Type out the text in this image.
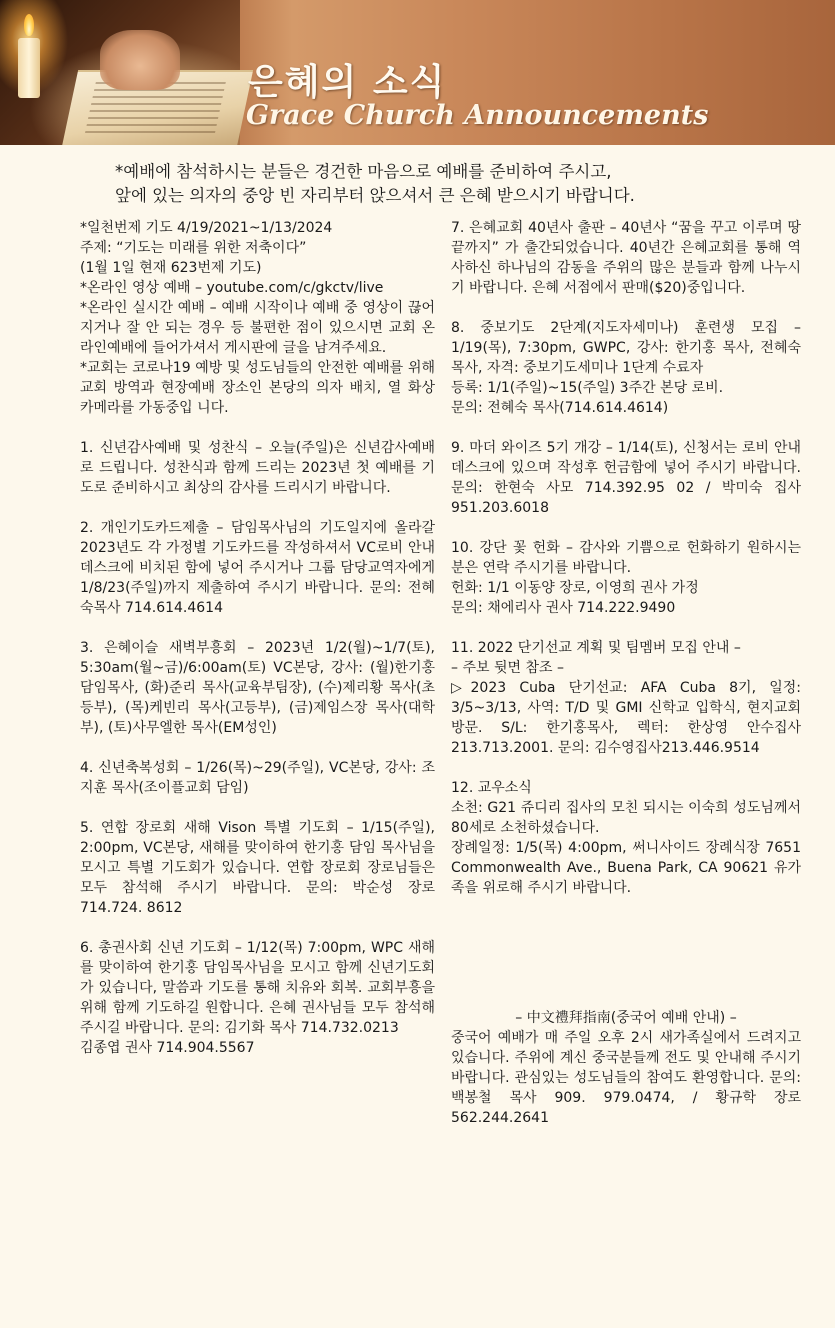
은혜의 소식
Grace Church Announcements
*예배에 참석하시는 분들은 경건한 마음으로 예배를 준비하여 주시고,
앞에 있는 의자의 중앙 빈 자리부터 앉으셔서 큰 은혜 받으시기 바랍니다.
*일천번제 기도 4/19/2021~1/13/2024
주제: “기도는 미래를 위한 저축이다”
(1월 1일 현재 623번제 기도)
*온라인 영상 예배 – youtube.com/c/gkctv/live
*온라인 실시간 예배 – 예배 시작이나 예배 중 영상이 끊어지거나 잘 안 되는 경우 등 불편한 점이 있으시면 교회 온라인예배에 들어가셔서 게시판에 글을 남겨주세요.
*교회는 코로나19 예방 및 성도님들의 안전한 예배를 위해 교회 방역과 현장예배 장소인 본당의 의자 배치, 열 화상 카메라를 가동중입 니다.
1. 신년감사예배 및 성찬식 – 오늘(주일)은 신년감사예배로 드립니다. 성찬식과 함께 드리는 2023년 첫 예배를 기도로 준비하시고 최상의 감사를 드리시기 바랍니다.
2. 개인기도카드제출 – 담임목사님의 기도일지에 올라갈 2023년도 각 가정별 기도카드를 작성하셔서 VC로비 안내데스크에 비치된 함에 넣어 주시거나 그룹 담당교역자에게 1/8/23(주일)까지 제출하여 주시기 바랍니다. 문의: 전혜숙목사 714.614.4614
3. 은혜이슬 새벽부흥회 – 2023년 1/2(월)~1/7(토), 5:30am(월~금)/6:00am(토) VC본당, 강사: (월)한기홍 담임목사, (화)준리 목사(교육부팀장), (수)제리황 목사(초등부), (목)케빈리 목사(고등부), (금)제임스장 목사(대학부), (토)사무엘한 목사(EM성인)
4. 신년축복성회 – 1/26(목)~29(주일), VC본당, 강사: 조지훈 목사(조이플교회 담임)
5. 연합 장로회 새해 Vison 특별 기도회 – 1/15(주일), 2:00pm, VC본당, 새해를 맞이하여 한기홍 담임 목사님을 모시고 특별 기도회가 있습니다. 연합 장로회 장로님들은 모두 참석해 주시기 바랍니다. 문의: 박순성 장로 714.724. 8612
6. 총권사회 신년 기도회 – 1/12(목) 7:00pm, WPC 새해를 맞이하여 한기홍 담임목사님을 모시고 함께 신년기도회가 있습니다, 말씀과 기도를 통해 치유와 회복. 교회부흥을 위해 함께 기도하길 원합니다. 은혜 권사님들 모두 참석해 주시길 바랍니다. 문의: 김기화 목사 714.732.0213
김종엽 권사 714.904.5567
7. 은혜교회 40년사 출판 – 40년사 “꿈을 꾸고 이루며 땅끝까지” 가 출간되었습니다. 40년간 은혜교회를 통해 역사하신 하나님의 감동을 주위의 많은 분들과 함께 나누시기 바랍니다. 은혜 서점에서 판매($20)중입니다.
8. 중보기도 2단계(지도자세미나) 훈련생 모집 – 1/19(목), 7:30pm, GWPC, 강사: 한기홍 목사, 전혜숙 목사, 자격: 중보기도세미나 1단계 수료자
등록: 1/1(주일)~15(주일) 3주간 본당 로비.
문의: 전혜숙 목사(714.614.4614)
9. 마더 와이즈 5기 개강 – 1/14(토), 신청서는 로비 안내데스크에 있으며 작성후 헌금함에 넣어 주시기 바랍니다. 문의: 한현숙 사모 714.392.95 02 / 박미숙 집사 951.203.6018
10. 강단 꽃 헌화 – 감사와 기쁨으로 헌화하기 원하시는 분은 연락 주시기를 바랍니다.
헌화: 1/1 이동양 장로, 이영희 권사 가정
문의: 채에리사 권사 714.222.9490
11. 2022 단기선교 계획 및 팀멤버 모집 안내 –
– 주보 뒷면 참조 –
▷2023 Cuba 단기선교: AFA Cuba 8기, 일정: 3/5~3/13, 사역: T/D 및 GMI 신학교 입학식, 현지교회 방문. S/L: 한기홍목사, 렉터: 한상영 안수집사 213.713.2001. 문의: 김수영집사213.446.9514
12. 교우소식
소천: G21 쥬디리 집사의 모친 되시는 이숙희 성도님께서 80세로 소천하셨습니다.
장례일정: 1/5(목) 4:00pm, 써니사이드 장례식장 7651 Commonwealth Ave., Buena Park, CA 90621 유가족을 위로해 주시기 바랍니다.
– 中文禮拜指南(중국어 예배 안내) –
중국어 예배가 매 주일 오후 2시 새가족실에서 드려지고 있습니다. 주위에 계신 중국분들께 전도 및 안내해 주시기 바랍니다. 관심있는 성도님들의 참여도 환영합니다. 문의: 백봉철 목사 909. 979.0474, / 황규학 장로 562.244.2641
